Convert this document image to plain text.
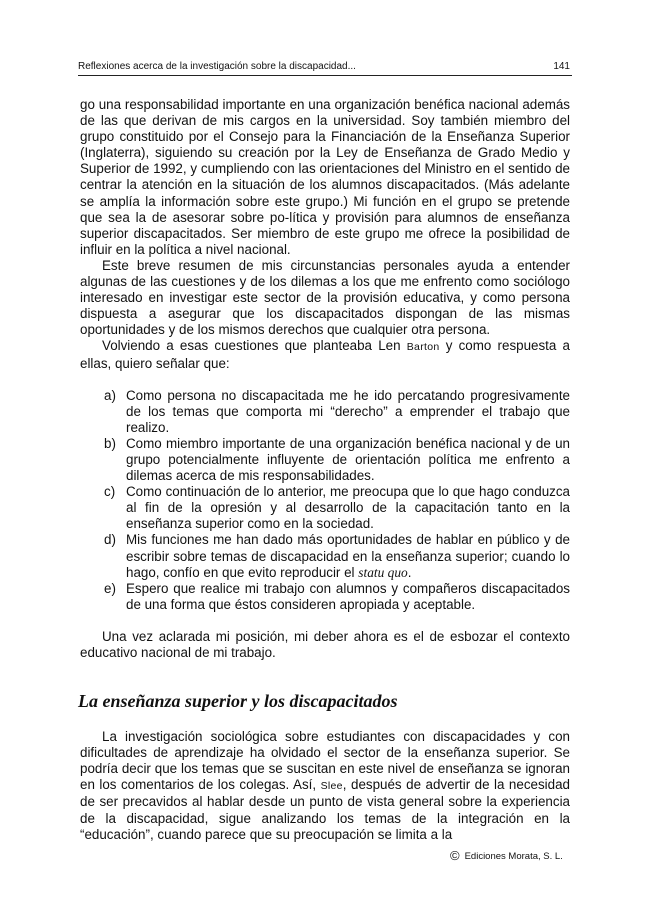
Reflexiones acerca de la investigación sobre la discapacidad...	141

go una responsabilidad importante en una organización benéfica nacional además de las que derivan de mis cargos en la universidad. Soy también miembro del grupo constituido por el Consejo para la Financiación de la Enseñanza Superior (Inglaterra), siguiendo su creación por la Ley de Enseñanza de Grado Medio y Superior de 1992, y cumpliendo con las orientaciones del Ministro en el sentido de centrar la atención en la situación de los alumnos discapacitados. (Más adelante se amplía la información sobre este grupo.) Mi función en el grupo se pretende que sea la de asesorar sobre po-lítica y provisión para alumnos de enseñanza superior discapacitados. Ser miembro de este grupo me ofrece la posibilidad de influir en la política a nivel nacional.

Este breve resumen de mis circunstancias personales ayuda a entender algunas de las cuestiones y de los dilemas a los que me enfrento como sociólogo interesado en investigar este sector de la provisión educativa, y como persona dispuesta a asegurar que los discapacitados dispongan de las mismas oportunidades y de los mismos derechos que cualquier otra persona.

Volviendo a esas cuestiones que planteaba Len Barton y como respuesta a ellas, quiero señalar que:

a) Como persona no discapacitada me he ido percatando progresivamente de los temas que comporta mi “derecho” a emprender el trabajo que realizo.
b) Como miembro importante de una organización benéfica nacional y de un grupo potencialmente influyente de orientación política me enfrento a dilemas acerca de mis responsabilidades.
c) Como continuación de lo anterior, me preocupa que lo que hago conduzca al fin de la opresión y al desarrollo de la capacitación tanto en la enseñanza superior como en la sociedad.
d) Mis funciones me han dado más oportunidades de hablar en público y de escribir sobre temas de discapacidad en la enseñanza superior; cuando lo hago, confío en que evito reproducir el statu quo.
e) Espero que realice mi trabajo con alumnos y compañeros discapacitados de una forma que éstos consideren apropiada y aceptable.

Una vez aclarada mi posición, mi deber ahora es el de esbozar el contexto educativo nacional de mi trabajo.

La enseñanza superior y los discapacitados

La investigación sociológica sobre estudiantes con discapacidades y con dificultades de aprendizaje ha olvidado el sector de la enseñanza superior. Se podría decir que los temas que se suscitan en este nivel de enseñanza se ignoran en los comentarios de los colegas. Así, Slee, después de advertir de la necesidad de ser precavidos al hablar desde un punto de vista general sobre la experiencia de la discapacidad, sigue analizando los temas de la integración en la “educación”, cuando parece que su preocupación se limita a la

© Ediciones Morata, S. L.
